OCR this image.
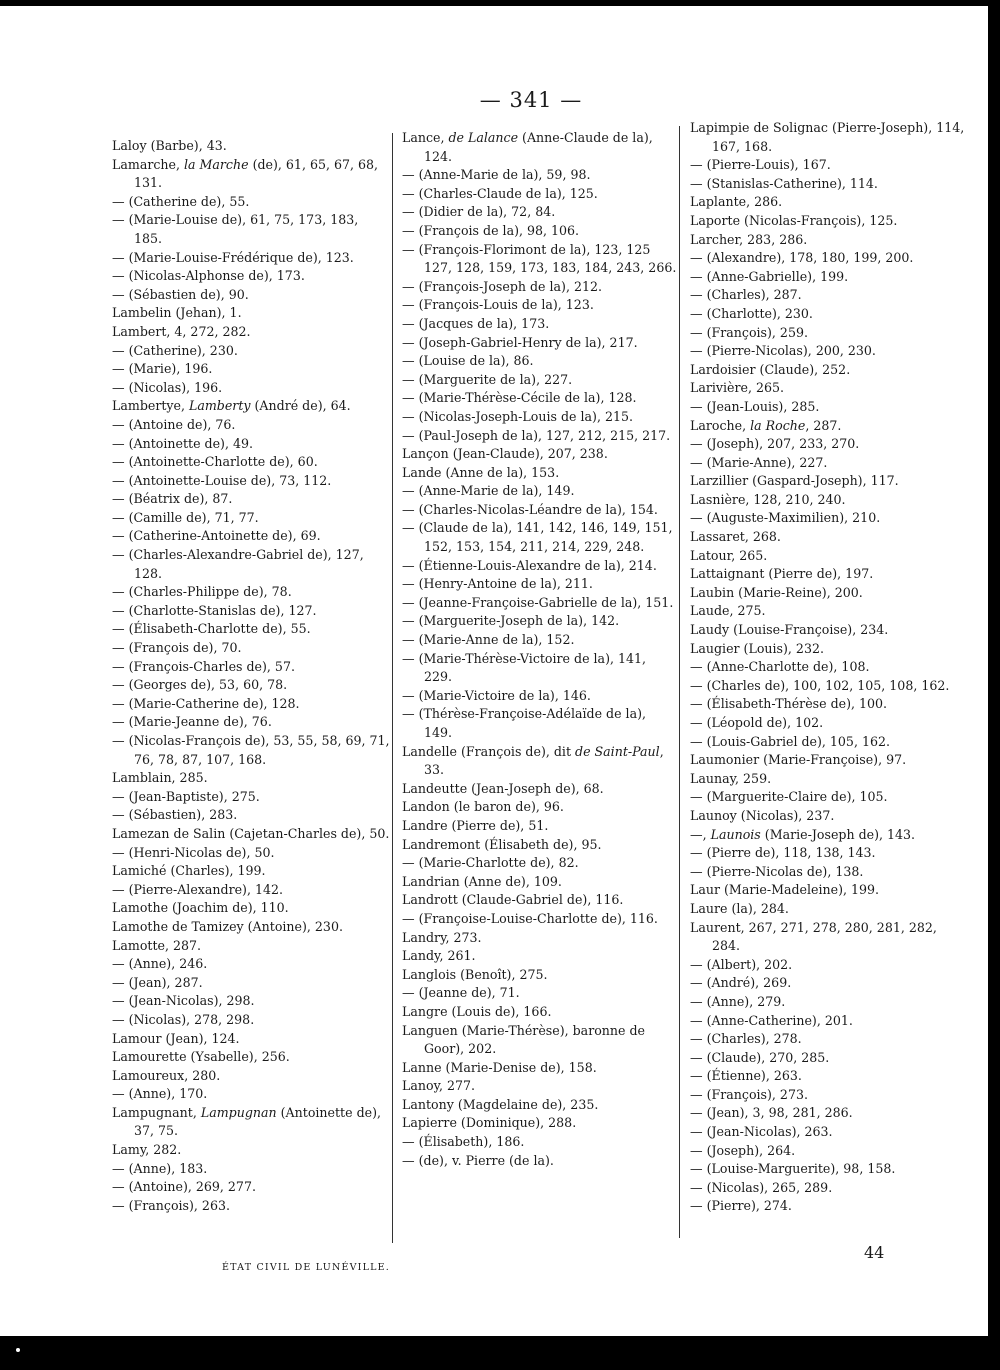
— 341 —
Laloy (Barbe), 43.
Lamarche, la Marche (de), 61, 65, 67, 68, 131.
— (Catherine de), 55.
— (Marie-Louise de), 61, 75, 173, 183, 185.
— (Marie-Louise-Frédérique de), 123.
— (Nicolas-Alphonse de), 173.
— (Sébastien de), 90.
Lambelin (Jehan), 1.
Lambert, 4, 272, 282.
— (Catherine), 230.
— (Marie), 196.
— (Nicolas), 196.
Lambertye, Lamberty (André de), 64.
— (Antoine de), 76.
— (Antoinette de), 49.
— (Antoinette-Charlotte de), 60.
— (Antoinette-Louise de), 73, 112.
— (Béatrix de), 87.
— (Camille de), 71, 77.
— (Catherine-Antoinette de), 69.
— (Charles-Alexandre-Gabriel de), 127, 128.
— (Charles-Philippe de), 78.
— (Charlotte-Stanislas de), 127.
— (Élisabeth-Charlotte de), 55.
— (François de), 70.
— (François-Charles de), 57.
— (Georges de), 53, 60, 78.
— (Marie-Catherine de), 128.
— (Marie-Jeanne de), 76.
— (Nicolas-François de), 53, 55, 58, 69, 71, 76, 78, 87, 107, 168.
Lamblain, 285.
— (Jean-Baptiste), 275.
— (Sébastien), 283.
Lamezan de Salin (Cajetan-Charles de), 50.
— (Henri-Nicolas de), 50.
Lamiché (Charles), 199.
— (Pierre-Alexandre), 142.
Lamothe (Joachim de), 110.
Lamothe de Tamizey (Antoine), 230.
Lamotte, 287.
— (Anne), 246.
— (Jean), 287.
— (Jean-Nicolas), 298.
— (Nicolas), 278, 298.
Lamour (Jean), 124.
Lamourette (Ysabelle), 256.
Lamoureux, 280.
— (Anne), 170.
Lampugnant, Lampugnan (Antoinette de), 37, 75.
Lamy, 282.
— (Anne), 183.
— (Antoine), 269, 277.
— (François), 263.
Lance, de Lalance (Anne-Claude de la), 124.
— (Anne-Marie de la), 59, 98.
— (Charles-Claude de la), 125.
— (Didier de la), 72, 84.
— (François de la), 98, 106.
— (François-Florimont de la), 123, 125 127, 128, 159, 173, 183, 184, 243, 266.
— (François-Joseph de la), 212.
— (François-Louis de la), 123.
— (Jacques de la), 173.
— (Joseph-Gabriel-Henry de la), 217.
— (Louise de la), 86.
— (Marguerite de la), 227.
— (Marie-Thérèse-Cécile de la), 128.
— (Nicolas-Joseph-Louis de la), 215.
— (Paul-Joseph de la), 127, 212, 215, 217.
Lançon (Jean-Claude), 207, 238.
Lande (Anne de la), 153.
— (Anne-Marie de la), 149.
— (Charles-Nicolas-Léandre de la), 154.
— (Claude de la), 141, 142, 146, 149, 151, 152, 153, 154, 211, 214, 229, 248.
— (Étienne-Louis-Alexandre de la), 214.
— (Henry-Antoine de la), 211.
— (Jeanne-Françoise-Gabrielle de la), 151.
— (Marguerite-Joseph de la), 142.
— (Marie-Anne de la), 152.
— (Marie-Thérèse-Victoire de la), 141, 229.
— (Marie-Victoire de la), 146.
— (Thérèse-Françoise-Adélaïde de la), 149.
Landelle (François de), dit de Saint-Paul, 33.
Landeutte (Jean-Joseph de), 68.
Landon (le baron de), 96.
Landre (Pierre de), 51.
Landremont (Élisabeth de), 95.
— (Marie-Charlotte de), 82.
Landrian (Anne de), 109.
Landrott (Claude-Gabriel de), 116.
— (Françoise-Louise-Charlotte de), 116.
Landry, 273.
Landy, 261.
Langlois (Benoît), 275.
— (Jeanne de), 71.
Langre (Louis de), 166.
Languen (Marie-Thérèse), baronne de Goor), 202.
Lanne (Marie-Denise de), 158.
Lanoy, 277.
Lantony (Magdelaine de), 235.
Lapierre (Dominique), 288.
— (Élisabeth), 186.
— (de), v. Pierre (de la).
Lapimpie de Solignac (Pierre-Joseph), 114, 167, 168.
— (Pierre-Louis), 167.
— (Stanislas-Catherine), 114.
Laplante, 286.
Laporte (Nicolas-François), 125.
Larcher, 283, 286.
— (Alexandre), 178, 180, 199, 200.
— (Anne-Gabrielle), 199.
— (Charles), 287.
— (Charlotte), 230.
— (François), 259.
— (Pierre-Nicolas), 200, 230.
Lardoisier (Claude), 252.
Larivière, 265.
— (Jean-Louis), 285.
Laroche, la Roche, 287.
— (Joseph), 207, 233, 270.
— (Marie-Anne), 227.
Larzillier (Gaspard-Joseph), 117.
Lasnière, 128, 210, 240.
— (Auguste-Maximilien), 210.
Lassaret, 268.
Latour, 265.
Lattaignant (Pierre de), 197.
Laubin (Marie-Reine), 200.
Laude, 275.
Laudy (Louise-Françoise), 234.
Laugier (Louis), 232.
— (Anne-Charlotte de), 108.
— (Charles de), 100, 102, 105, 108, 162.
— (Élisabeth-Thérèse de), 100.
— (Léopold de), 102.
— (Louis-Gabriel de), 105, 162.
Laumonier (Marie-Françoise), 97.
Launay, 259.
— (Marguerite-Claire de), 105.
Launoy (Nicolas), 237.
—, Launois (Marie-Joseph de), 143.
— (Pierre de), 118, 138, 143.
— (Pierre-Nicolas de), 138.
Laur (Marie-Madeleine), 199.
Laure (la), 284.
Laurent, 267, 271, 278, 280, 281, 282, 284.
— (Albert), 202.
— (André), 269.
— (Anne), 279.
— (Anne-Catherine), 201.
— (Charles), 278.
— (Claude), 270, 285.
— (Étienne), 263.
— (François), 273.
— (Jean), 3, 98, 281, 286.
— (Jean-Nicolas), 263.
— (Joseph), 264.
— (Louise-Marguerite), 98, 158.
— (Nicolas), 265, 289.
— (Pierre), 274.
ÉTAT CIVIL DE LUNÉVILLE.
44
